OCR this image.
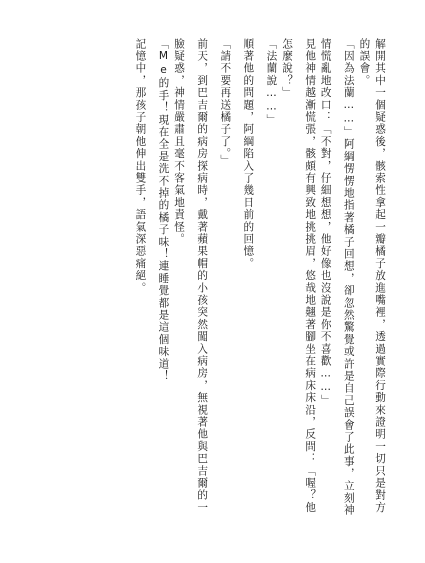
解開其中一個疑惑後，骸索性拿起一瓣橘子放進嘴裡，透過實際行動來證明一切只是對方

的誤會。

「因為法蘭……」阿綱愣愣地指著橘子回想，卻忽然驚覺或許是自己誤會了此事，立刻神

情慌亂地改口：「不對，仔細想想，他好像也沒說是你不喜歡……」

見他神情越漸慌張，骸頗有興致地挑挑眉，悠哉地翹著腳坐在病床床沿，反問：「喔？他

怎麼說？」

「法蘭說……」

順著他的問題，阿綱陷入了幾日前的回憶。

「請不要再送橘子了。」

前天，到巴吉爾的病房探病時，戴著蘋果帽的小孩突然闖入病房，無視著他與巴吉爾的一

臉疑惑，神情嚴肅且毫不客氣地責怪。

「Me的手！現在全是洗不掉的橘子味！連睡覺都是這個味道！

記憶中，那孩子朝他伸出雙手，語氣深惡痛絕。
